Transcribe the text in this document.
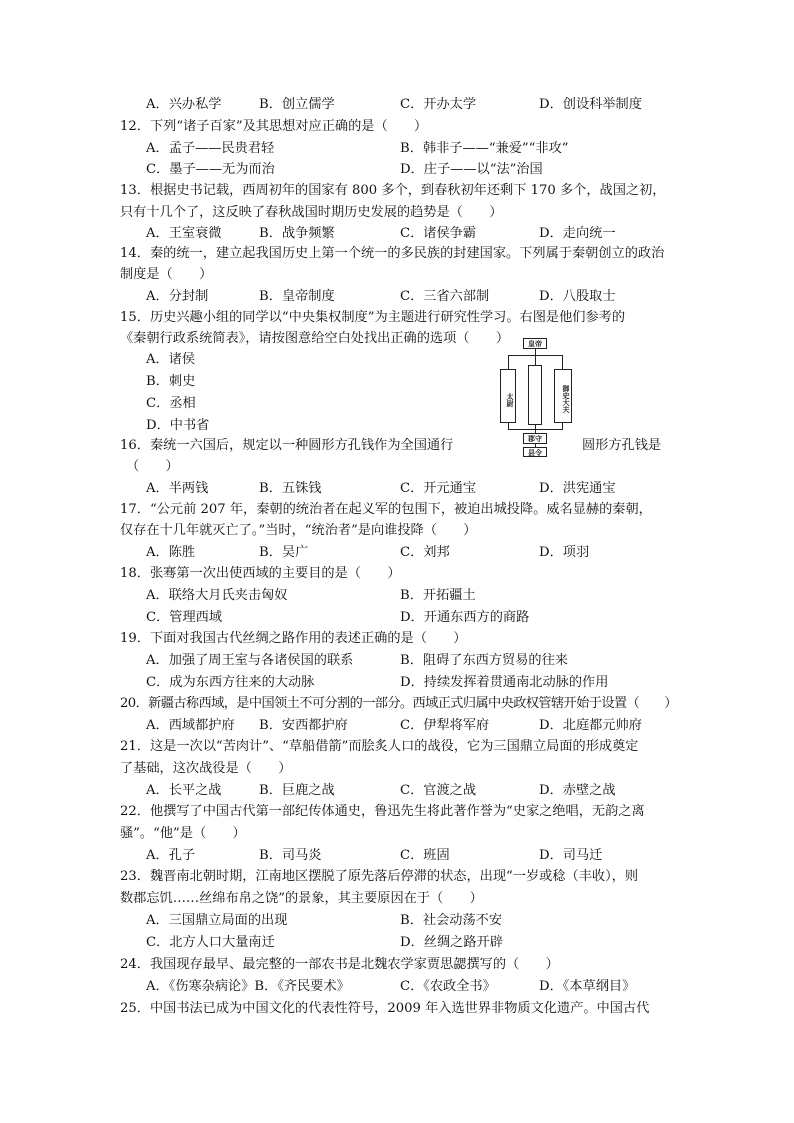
A．兴办私学	B．创立儒学	C．开办太学	D．创设科举制度
12．下列“诸子百家”及其思想对应正确的是（　　）
A．孟子——民贵君轻	B．韩非子——“兼爱”“非攻”
C．墨子——无为而治	D．庄子——以“法”治国
13．根据史书记载，西周初年的国家有 800 多个，到春秋初年还剩下 170 多个，战国之初，
只有十几个了，这反映了春秋战国时期历史发展的趋势是（　　）
A．王室衰微	B．战争频繁	C．诸侯争霸	D．走向统一
14．秦的统一，建立起我国历史上第一个统一的多民族的封建国家。下列属于秦朝创立的政治
制度是（　　）
A．分封制	B．皇帝制度	C．三省六部制	D．八股取士
15．历史兴趣小组的同学以“中央集权制度”为主题进行研究性学习。右图是他们参考的
《秦朝行政系统简表》，请按图意给空白处找出正确的选项（　　）
A．诸侯
B．刺史
C．丞相
D．中书省
皇帝
太尉	御史大夫
郡守
县令
16．秦统一六国后，规定以一种圆形方孔钱作为全国通行	圆形方孔钱是
（　　）
A．半两钱	B．五铢钱	C．开元通宝	D．洪宪通宝
17．“公元前 207 年，秦朝的统治者在起义军的包围下，被迫出城投降。威名显赫的秦朝，
仅存在十几年就灭亡了。”当时，“统治者”是向谁投降（　　）
A．陈胜	B．吴广	C．刘邦	D．项羽
18．张骞第一次出使西域的主要目的是（　　）
A．联络大月氏夹击匈奴	B．开拓疆土
C．管理西域	D．开通东西方的商路
19．下面对我国古代丝绸之路作用的表述正确的是（　　）
A．加强了周王室与各诸侯国的联系	B．阻碍了东西方贸易的往来
C．成为东西方往来的大动脉	D．持续发挥着贯通南北动脉的作用
20．新疆古称西域，是中国领土不可分割的一部分。西域正式归属中央政权管辖开始于设置（　　）
A．西域都护府 B．安西都护府	C．伊犁将军府	D．北庭都元帅府
21．这是一次以“苦肉计”、“草船借箭”而脍炙人口的战役，它为三国鼎立局面的形成奠定
了基础，这次战役是（　　）
A．长平之战	B．巨鹿之战	C．官渡之战	D．赤壁之战
22．他撰写了中国古代第一部纪传体通史，鲁迅先生将此著作誉为“史家之绝唱，无韵之离
骚”。“他”是（　　）
A．孔子	B．司马炎	C．班固	D．司马迁
23．魏晋南北朝时期，江南地区摆脱了原先落后停滞的状态，出现“一岁或稔（丰收），则
数郡忘饥……丝绵布帛之饶”的景象，其主要原因在于（　　）
A．三国鼎立局面的出现	B．社会动荡不安
C．北方人口大量南迁	D．丝绸之路开辟
24．我国现存最早、最完整的一部农书是北魏农学家贾思勰撰写的（　　）
A．《伤寒杂病论》B．《齐民要术》	C．《农政全书》	D．《本草纲目》
25．中国书法已成为中国文化的代表性符号，2009 年入选世界非物质文化遗产。中国古代
